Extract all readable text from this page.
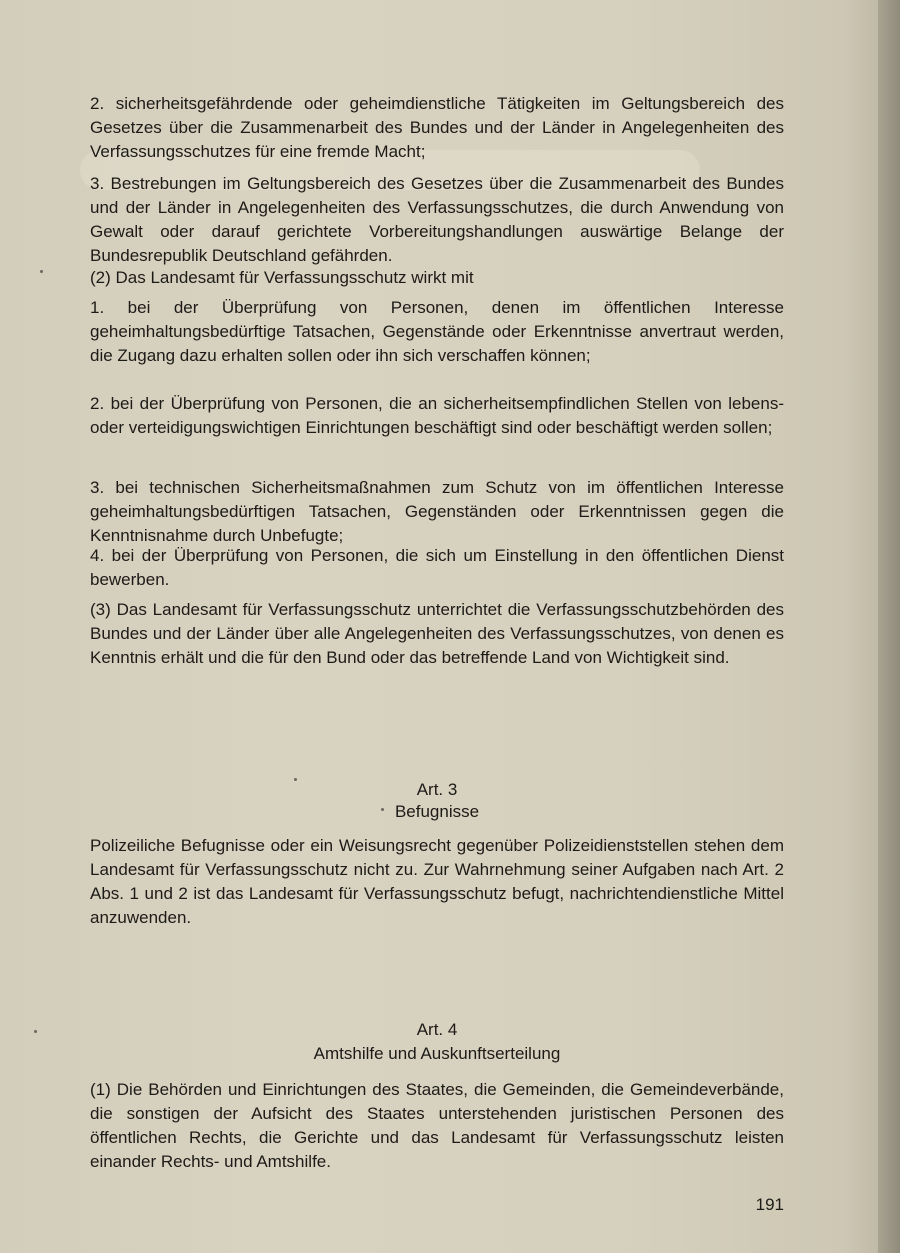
2. sicherheitsgefährdende oder geheimdienstliche Tätigkeiten im Geltungsbereich des Gesetzes über die Zusammenarbeit des Bundes und der Länder in Angelegenheiten des Verfassungsschutzes für eine fremde Macht;

3. Bestrebungen im Geltungsbereich des Gesetzes über die Zusammenarbeit des Bundes und der Länder in Angelegenheiten des Verfassungsschutzes, die durch Anwendung von Gewalt oder darauf gerichtete Vorbereitungshandlungen auswärtige Belange der Bundesrepublik Deutschland gefährden.

(2) Das Landesamt für Verfassungsschutz wirkt mit

1. bei der Überprüfung von Personen, denen im öffentlichen Interesse geheimhaltungsbedürftige Tatsachen, Gegenstände oder Erkenntnisse anvertraut werden, die Zugang dazu erhalten sollen oder ihn sich verschaffen können;

2. bei der Überprüfung von Personen, die an sicherheitsempfindlichen Stellen von lebens- oder verteidigungswichtigen Einrichtungen beschäftigt sind oder beschäftigt werden sollen;

3. bei technischen Sicherheitsmaßnahmen zum Schutz von im öffentlichen Interesse geheimhaltungsbedürftigen Tatsachen, Gegenständen oder Erkenntnissen gegen die Kenntnisnahme durch Unbefugte;

4. bei der Überprüfung von Personen, die sich um Einstellung in den öffentlichen Dienst bewerben.

(3) Das Landesamt für Verfassungsschutz unterrichtet die Verfassungsschutzbehörden des Bundes und der Länder über alle Angelegenheiten des Verfassungsschutzes, von denen es Kenntnis erhält und die für den Bund oder das betreffende Land von Wichtigkeit sind.

Art. 3

Befugnisse

Polizeiliche Befugnisse oder ein Weisungsrecht gegenüber Polizeidienststellen stehen dem Landesamt für Verfassungsschutz nicht zu. Zur Wahrnehmung seiner Aufgaben nach Art. 2 Abs. 1 und 2 ist das Landesamt für Verfassungsschutz befugt, nachrichtendienstliche Mittel anzuwenden.

Art. 4

Amtshilfe und Auskunftserteilung

(1) Die Behörden und Einrichtungen des Staates, die Gemeinden, die Gemeindeverbände, die sonstigen der Aufsicht des Staates unterstehenden juristischen Personen des öffentlichen Rechts, die Gerichte und das Landesamt für Verfassungsschutz leisten einander Rechts- und Amtshilfe.

191
